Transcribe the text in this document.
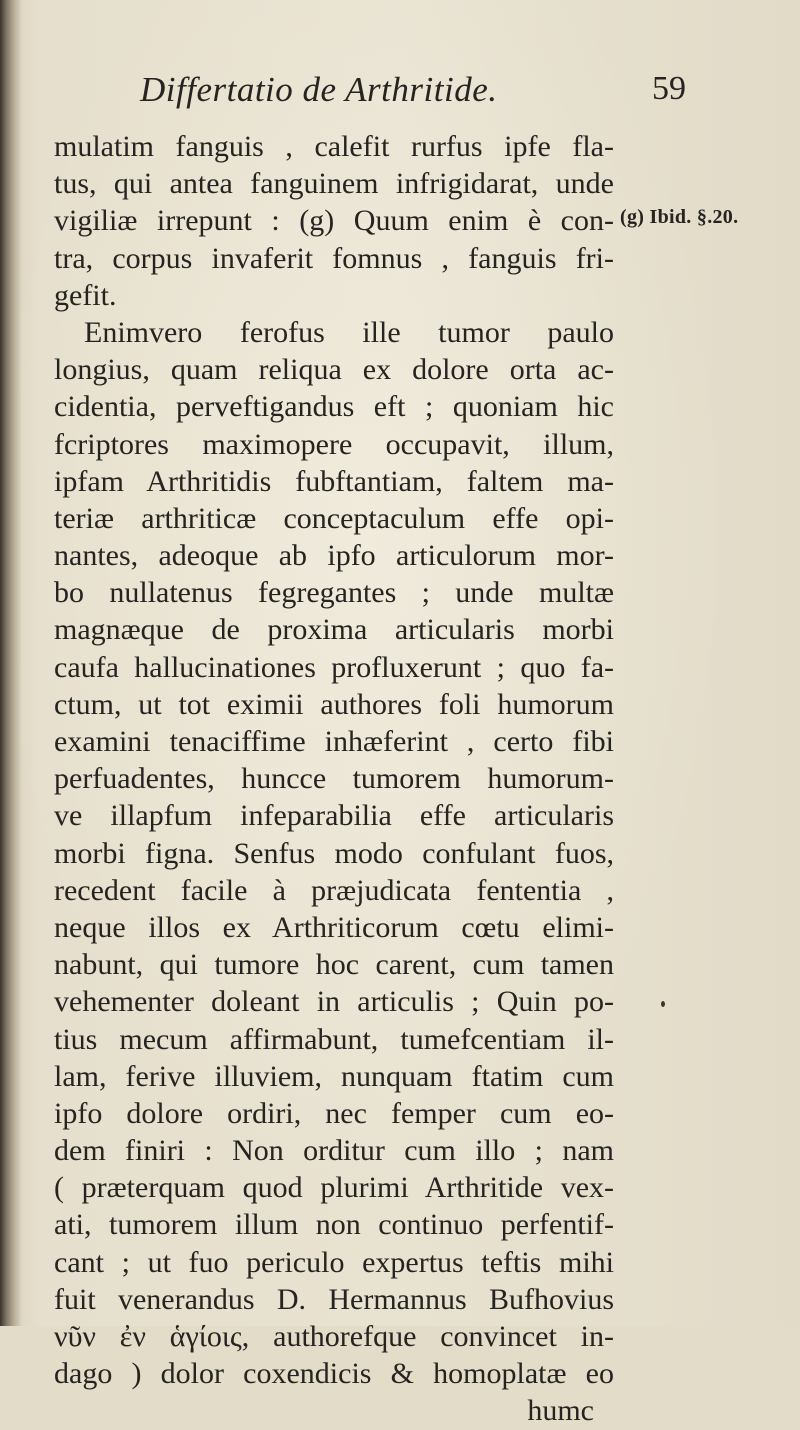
Differtatio de Arthritide.	59
(g) Ibid. §.20.
mulatim fanguis , calefit rurfus ipfe fla-
tus, qui antea fanguinem infrigidarat, unde
vigiliæ irrepunt : (g) Quum enim è con-
tra, corpus invaferit fomnus , fanguis fri-
gefit.
Enimvero ferofus ille tumor paulo
longius, quam reliqua ex dolore orta ac-
cidentia, perveftigandus eft ; quoniam hic
fcriptores maximopere occupavit, illum,
ipfam Arthritidis fubftantiam, faltem ma-
teriæ arthriticæ conceptaculum effe opi-
nantes, adeoque ab ipfo articulorum mor-
bo nullatenus fegregantes ; unde multæ
magnæque de proxima articularis morbi
caufa hallucinationes profluxerunt ; quo fa-
ctum, ut tot eximii authores foli humorum
examini tenaciffime inhæferint , certo fibi
perfuadentes, huncce tumorem humorum-
ve illapfum infeparabilia effe articularis
morbi figna. Senfus modo confulant fuos,
recedent facile à præjudicata fententia ,
neque illos ex Arthriticorum cœtu elimi-
nabunt, qui tumore hoc carent, cum tamen
vehementer doleant in articulis ; Quin po-
tius mecum affirmabunt, tumefcentiam il-
lam, ferive illuviem, nunquam ftatim cum
ipfo dolore ordiri, nec femper cum eo-
dem finiri : Non orditur cum illo ; nam
( præterquam quod plurimi Arthritide vex-
ati, tumorem illum non continuo perfentif-
cant ; ut fuo periculo expertus teftis mihi
fuit venerandus D. Hermannus Bufhovius
νῦν ἐν ἁγίοις, authorefque convincet in-
dago ) dolor coxendicis & homoplatæ eo
humc
